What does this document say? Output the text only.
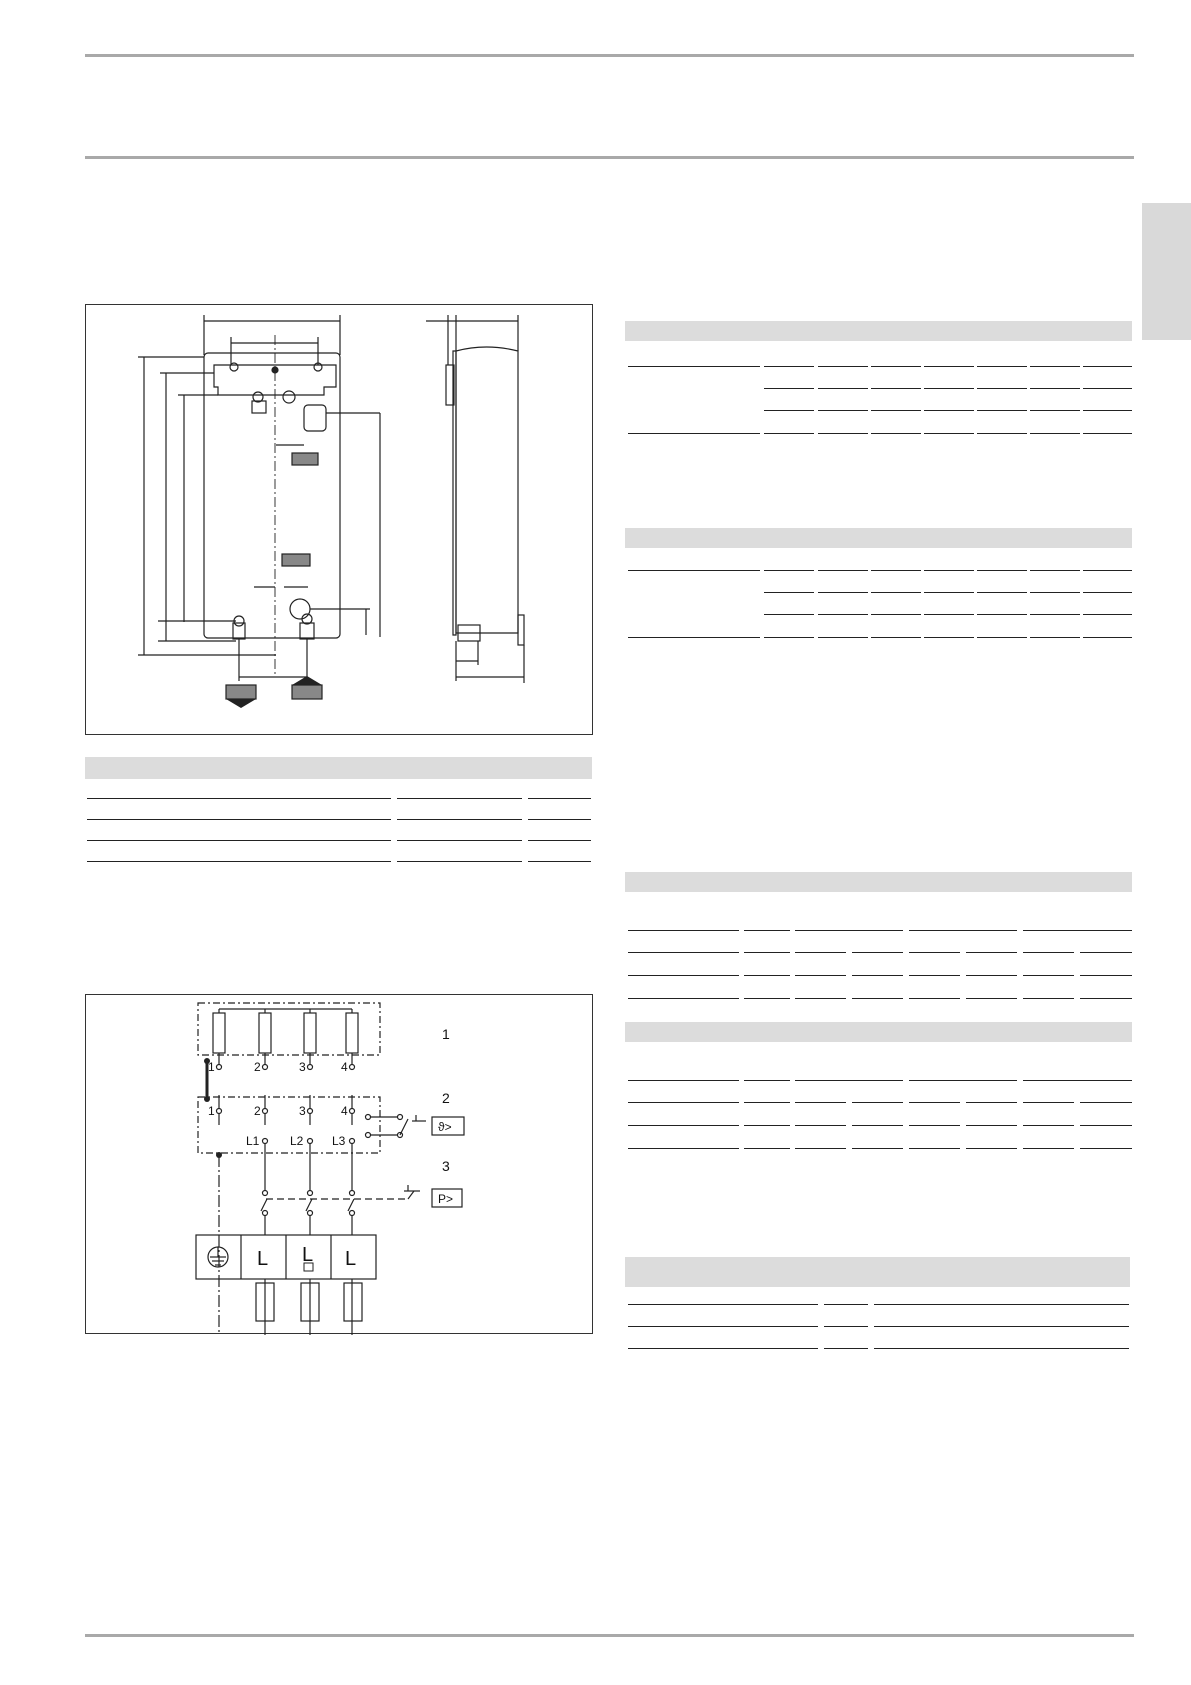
1
2
3
1	2	3	4
1	2	3	4
L1	L2 L3
ϑ>
P>
L L L
